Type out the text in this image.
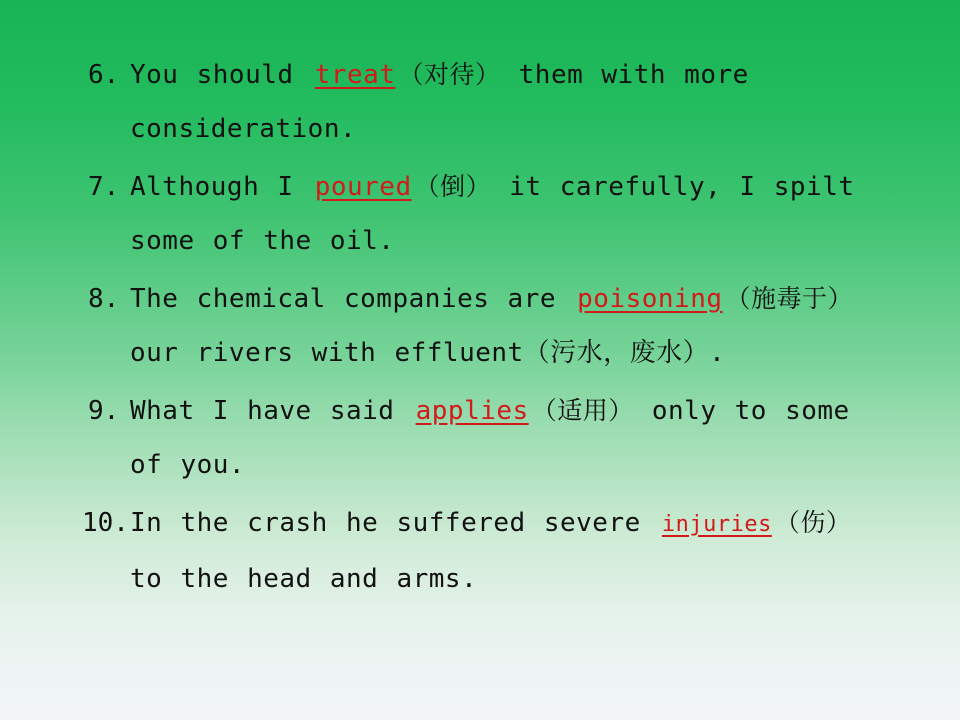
6. You should treat （对待） them with more consideration.
7. Although I poured （倒） it carefully, I spilt some of the oil.
8. The chemical companies are poisoning （施毒于） our rivers with effluent（污水，废水）.
9. What I have said applies （适用） only to some of you.
10. In the crash he suffered severe injuries （伤） to the head and arms.
